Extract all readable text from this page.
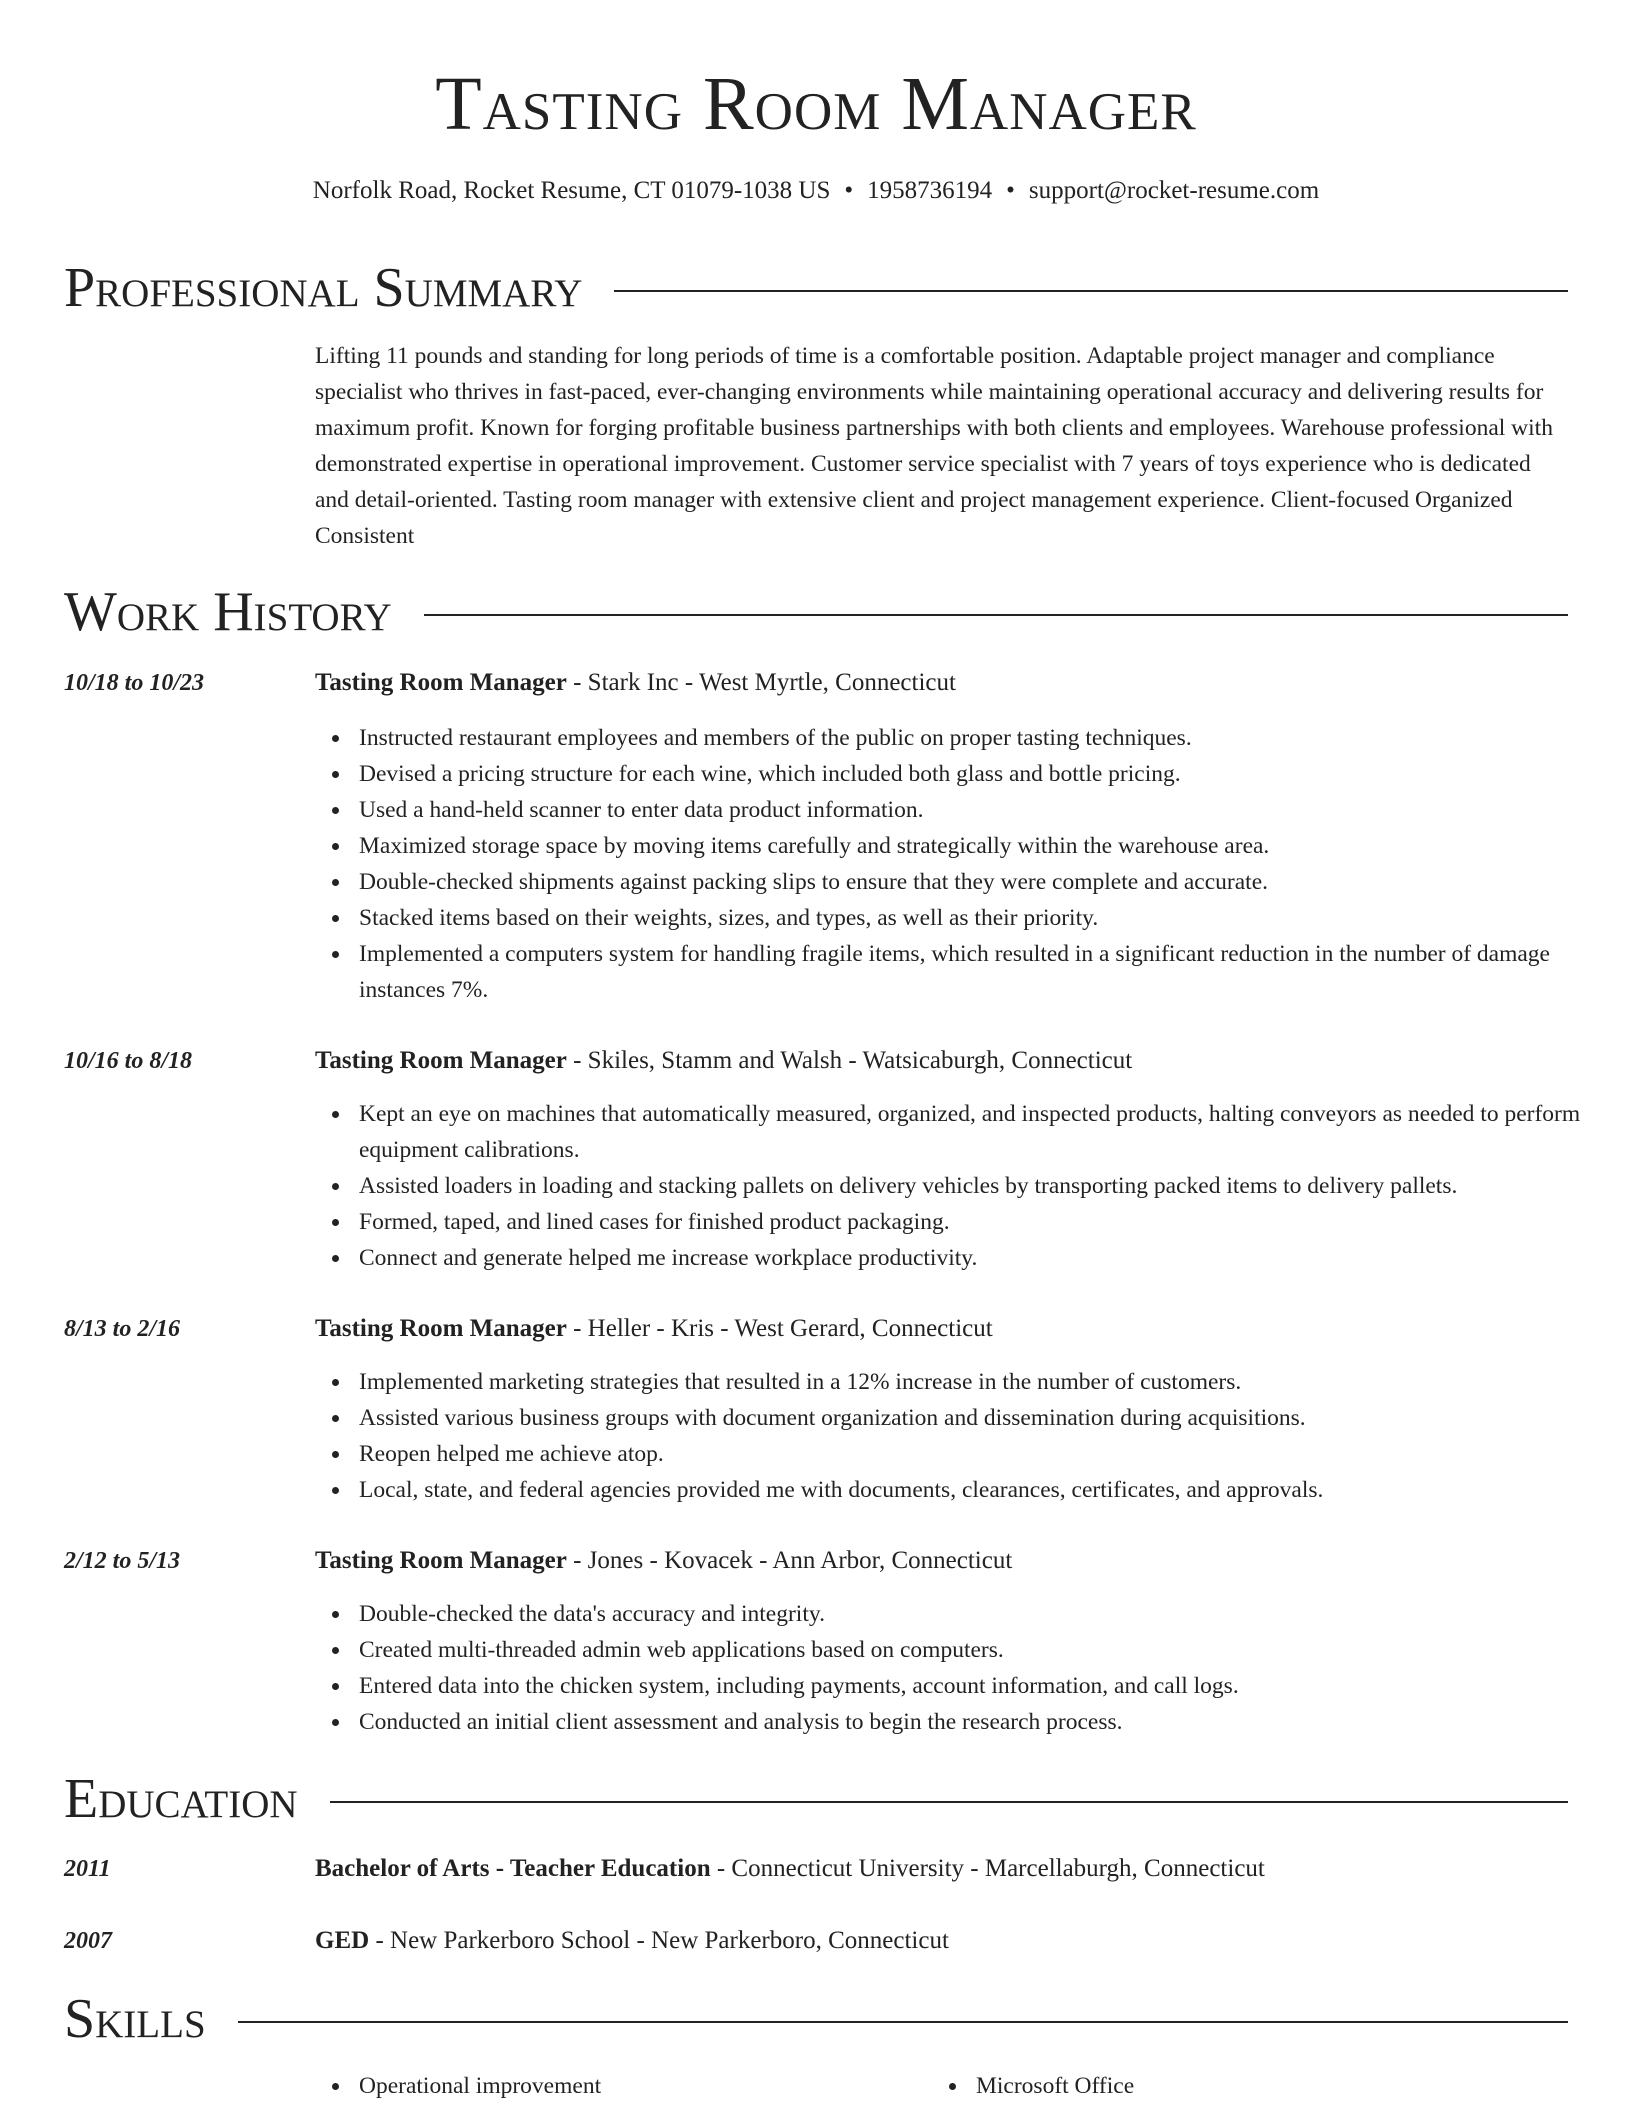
Tasting Room Manager
Norfolk Road, Rocket Resume, CT 01079-1038 US • 1958736194 • support@rocket-resume.com
Professional Summary
Lifting 11 pounds and standing for long periods of time is a comfortable position. Adaptable project manager and compliance specialist who thrives in fast-paced, ever-changing environments while maintaining operational accuracy and delivering results for maximum profit. Known for forging profitable business partnerships with both clients and employees. Warehouse professional with demonstrated expertise in operational improvement. Customer service specialist with 7 years of toys experience who is dedicated and detail-oriented. Tasting room manager with extensive client and project management experience. Client-focused Organized Consistent
Work History
10/18 to 10/23	Tasting Room Manager - Stark Inc - West Myrtle, Connecticut
Instructed restaurant employees and members of the public on proper tasting techniques.
Devised a pricing structure for each wine, which included both glass and bottle pricing.
Used a hand-held scanner to enter data product information.
Maximized storage space by moving items carefully and strategically within the warehouse area.
Double-checked shipments against packing slips to ensure that they were complete and accurate.
Stacked items based on their weights, sizes, and types, as well as their priority.
Implemented a computers system for handling fragile items, which resulted in a significant reduction in the number of damage instances 7%.
10/16 to 8/18	Tasting Room Manager - Skiles, Stamm and Walsh - Watsicaburgh, Connecticut
Kept an eye on machines that automatically measured, organized, and inspected products, halting conveyors as needed to perform equipment calibrations.
Assisted loaders in loading and stacking pallets on delivery vehicles by transporting packed items to delivery pallets.
Formed, taped, and lined cases for finished product packaging.
Connect and generate helped me increase workplace productivity.
8/13 to 2/16	Tasting Room Manager - Heller - Kris - West Gerard, Connecticut
Implemented marketing strategies that resulted in a 12% increase in the number of customers.
Assisted various business groups with document organization and dissemination during acquisitions.
Reopen helped me achieve atop.
Local, state, and federal agencies provided me with documents, clearances, certificates, and approvals.
2/12 to 5/13	Tasting Room Manager - Jones - Kovacek - Ann Arbor, Connecticut
Double-checked the data's accuracy and integrity.
Created multi-threaded admin web applications based on computers.
Entered data into the chicken system, including payments, account information, and call logs.
Conducted an initial client assessment and analysis to begin the research process.
Education
2011	Bachelor of Arts - Teacher Education - Connecticut University - Marcellaburgh, Connecticut
2007	GED - New Parkerboro School - New Parkerboro, Connecticut
Skills
Operational improvement	Microsoft Office
